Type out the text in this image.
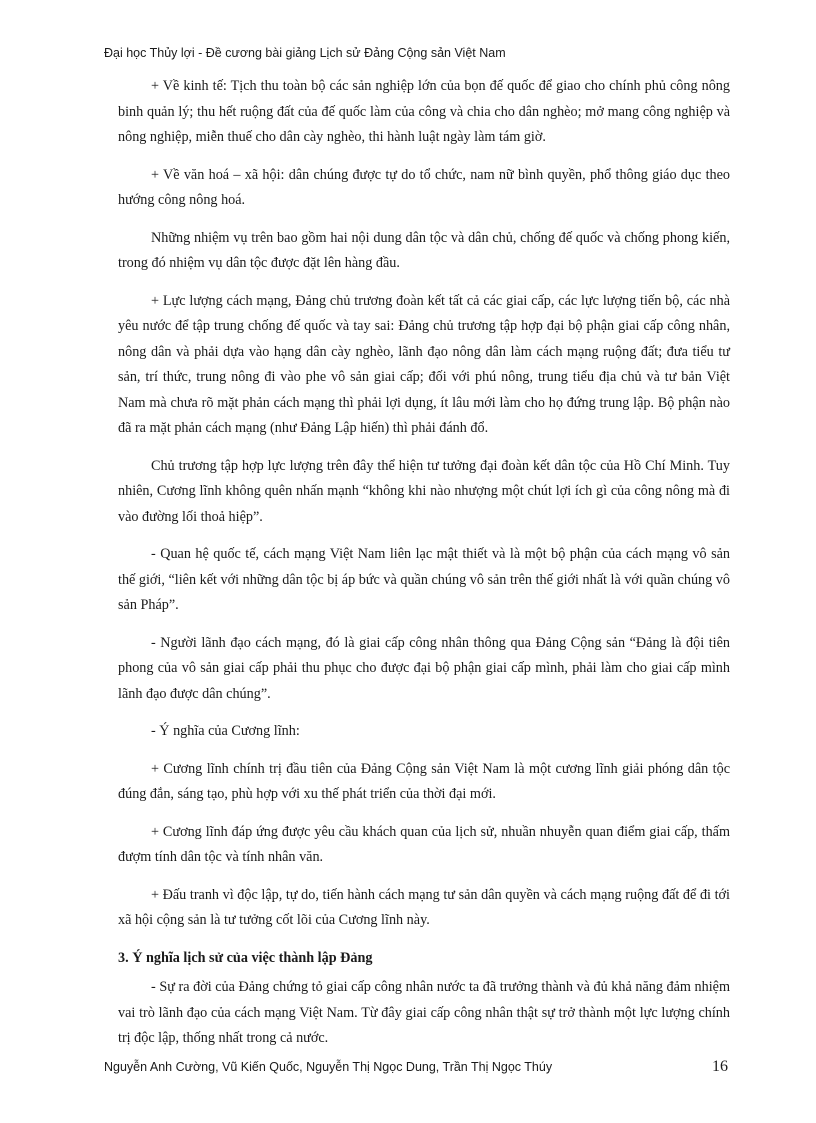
Đại học Thủy lợi - Đề cương bài giảng Lịch sử Đảng Cộng sản Việt Nam

+ Về kinh tế: Tịch thu toàn bộ các sản nghiệp lớn của bọn đế quốc để giao cho chính phủ công nông binh quản lý; thu hết ruộng đất của đế quốc làm của công và chia cho dân nghèo; mở mang công nghiệp và nông nghiệp, miễn thuế cho dân cày nghèo, thi hành luật ngày làm tám giờ.

+ Về văn hoá – xã hội: dân chúng được tự do tổ chức, nam nữ bình quyền, phổ thông giáo dục theo hướng công nông hoá.

Những nhiệm vụ trên bao gồm hai nội dung dân tộc và dân chủ, chống đế quốc và chống phong kiến, trong đó nhiệm vụ dân tộc được đặt lên hàng đầu.

+ Lực lượng cách mạng, Đảng chủ trương đoàn kết tất cả các giai cấp, các lực lượng tiến bộ, các nhà yêu nước để tập trung chống đế quốc và tay sai: Đảng chủ trương tập hợp đại bộ phận giai cấp công nhân, nông dân và phải dựa vào hạng dân cày nghèo, lãnh đạo nông dân làm cách mạng ruộng đất; đưa tiểu tư sản, trí thức, trung nông đi vào phe vô sản giai cấp; đối với phú nông, trung tiểu địa chủ và tư bản Việt Nam mà chưa rõ mặt phản cách mạng thì phải lợi dụng, ít lâu mới làm cho họ đứng trung lập. Bộ phận nào đã ra mặt phản cách mạng (như Đảng Lập hiến) thì phải đánh đổ.

Chủ trương tập hợp lực lượng trên đây thể hiện tư tưởng đại đoàn kết dân tộc của Hồ Chí Minh. Tuy nhiên, Cương lĩnh không quên nhấn mạnh “không khi nào nhượng một chút lợi ích gì của công nông mà đi vào đường lối thoả hiệp”.

- Quan hệ quốc tế, cách mạng Việt Nam liên lạc mật thiết và là một bộ phận của cách mạng vô sản thế giới, “liên kết với những dân tộc bị áp bức và quần chúng vô sản trên thế giới nhất là với quần chúng vô sản Pháp”.

- Người lãnh đạo cách mạng, đó là giai cấp công nhân thông qua Đảng Cộng sản “Đảng là đội tiên phong của vô sản giai cấp phải thu phục cho được đại bộ phận giai cấp mình, phải làm cho giai cấp mình lãnh đạo được dân chúng”.

- Ý nghĩa của Cương lĩnh:

+ Cương lĩnh chính trị đầu tiên của Đảng Cộng sản Việt Nam là một cương lĩnh giải phóng dân tộc đúng đắn, sáng tạo, phù hợp với xu thế phát triển của thời đại mới.

+ Cương lĩnh đáp ứng được yêu cầu khách quan của lịch sử, nhuần nhuyễn quan điểm giai cấp, thấm đượm tính dân tộc và tính nhân văn.

+ Đấu tranh vì độc lập, tự do, tiến hành cách mạng tư sản dân quyền và cách mạng ruộng đất để đi tới xã hội cộng sản là tư tưởng cốt lõi của Cương lĩnh này.

3. Ý nghĩa lịch sử của việc thành lập Đảng

- Sự ra đời của Đảng chứng tỏ giai cấp công nhân nước ta đã trưởng thành và đủ khả năng đảm nhiệm vai trò lãnh đạo của cách mạng Việt Nam. Từ đây giai cấp công nhân thật sự trở thành một lực lượng chính trị độc lập, thống nhất trong cả nước.

Nguyễn Anh Cường, Vũ Kiến Quốc, Nguyễn Thị Ngọc Dung, Trần Thị Ngọc Thúy	16
